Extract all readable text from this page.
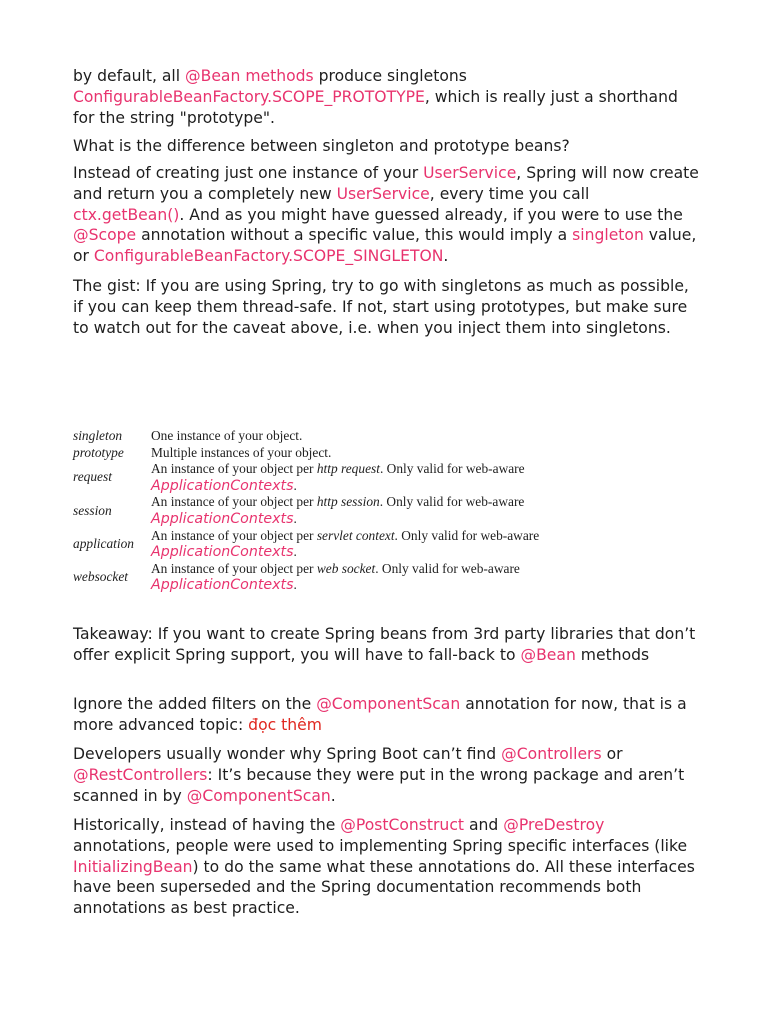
by default, all @Bean methods produce singletons
ConfigurableBeanFactory.SCOPE_PROTOTYPE, which is really just a shorthand for the string "prototype".

What is the difference between singleton and prototype beans?

Instead of creating just one instance of your UserService, Spring will now create and return you a completely new UserService, every time you call ctx.getBean(). And as you might have guessed already, if you were to use the @Scope annotation without a specific value, this would imply a singleton value, or ConfigurableBeanFactory.SCOPE_SINGLETON.

The gist: If you are using Spring, try to go with singletons as much as possible, if you can keep them thread-safe. If not, start using prototypes, but make sure to watch out for the caveat above, i.e. when you inject them into singletons.

singleton	One instance of your object.
prototype	Multiple instances of your object.
request	An instance of your object per http request. Only valid for web-aware ApplicationContexts.
session	An instance of your object per http session. Only valid for web-aware ApplicationContexts.
application	An instance of your object per servlet context. Only valid for web-aware ApplicationContexts.
websocket	An instance of your object per web socket. Only valid for web-aware ApplicationContexts.

Takeaway: If you want to create Spring beans from 3rd party libraries that don’t offer explicit Spring support, you will have to fall-back to @Bean methods

Ignore the added filters on the @ComponentScan annotation for now, that is a more advanced topic: đọc thêm

Developers usually wonder why Spring Boot can’t find @Controllers or @RestControllers: It’s because they were put in the wrong package and aren’t scanned in by @ComponentScan.

Historically, instead of having the @PostConstruct and @PreDestroy annotations, people were used to implementing Spring specific interfaces (like InitializingBean) to do the same what these annotations do. All these interfaces have been superseded and the Spring documentation recommends both annotations as best practice.
